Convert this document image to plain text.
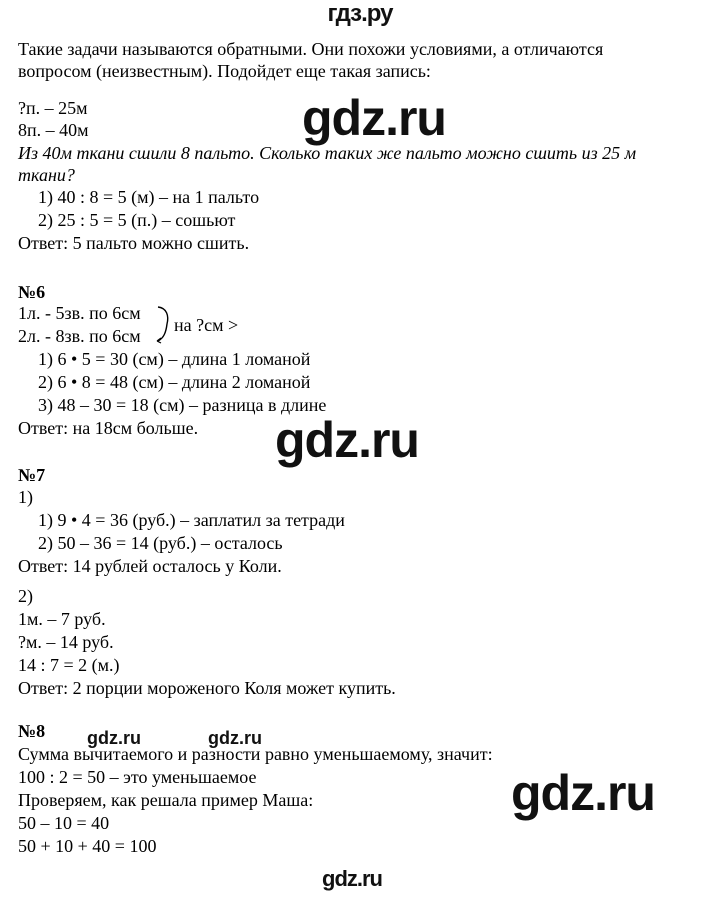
гдз.ру
Такие задачи называются обратными. Они похожи условиями, а отличаются
вопросом (неизвестным). Подойдет еще такая запись:
?п. – 25м
8п. – 40м	gdz.ru
Из 40м ткани сшили 8 пальто. Сколько таких же пальто можно сшить из 25 м
ткани?
1) 40 : 8 = 5 (м) – на 1 пальто
2) 25 : 5 = 5 (п.) – сошьют
Ответ: 5 пальто можно сшить.
№6
1л. - 5зв. по 6см
2л. - 8зв. по 6см
на ?см >
1) 6 • 5 = 30 (см) – длина 1 ломаной
2) 6 • 8 = 48 (см) – длина 2 ломаной
3) 48 – 30 = 18 (см) – разница в длине
Ответ: на 18см больше. gdz.ru
№7
1)
1) 9 • 4 = 36 (руб.) – заплатил за тетради
2) 50 – 36 = 14 (руб.) – осталось
Ответ: 14 рублей осталось у Коли.
2)
1м. – 7 руб.
?м. – 14 руб.
14 : 7 = 2 (м.)
Ответ: 2 порции мороженого Коля может купить.
№8 gdz.ru	gdz.ru
Сумма вычитаемого и разности равно уменьшаемому, значит:
100 : 2 = 50 – это уменьшаемое	gdz.ru
Проверяем, как решала пример Маша:
50 – 10 = 40
50 + 10 + 40 = 100
gdz.ru
